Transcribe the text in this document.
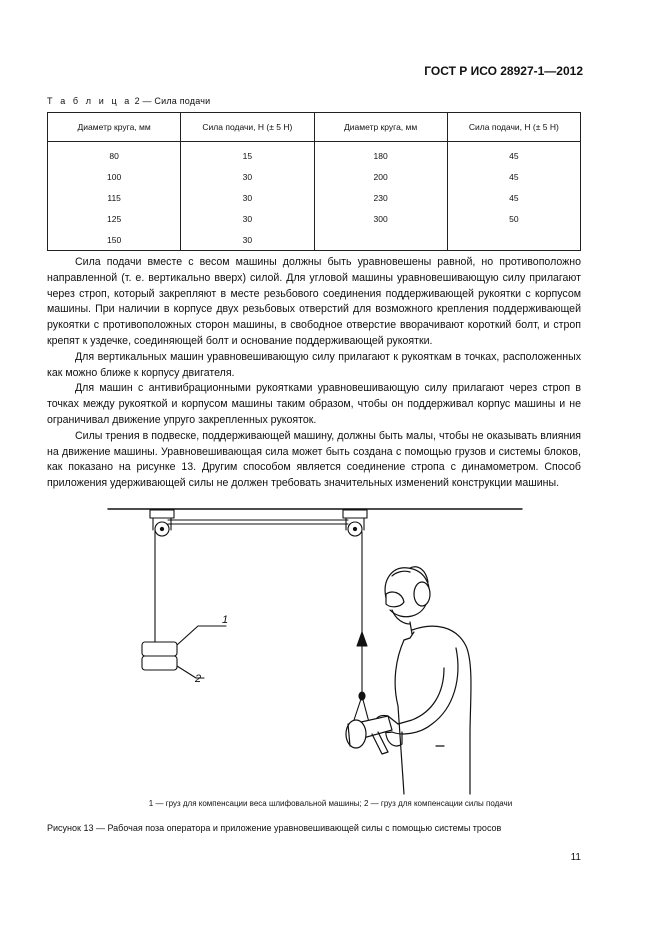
ГОСТ Р ИСО 28927-1—2012
Т а б л и ц а 2 — Сила подачи
Диаметр круга, мм	Сила подачи, Н (± 5 Н)	Диаметр круга, мм	Сила подачи, Н (± 5 Н)
80	15	180	45
100	30	200	45
115	30	230	45
125	30	300	50
150	30		

Сила подачи вместе с весом машины должны быть уравновешены равной, но противоположно направленной (т. е. вертикально вверх) силой. Для угловой машины уравновешивающую силу прилагают через строп, который закрепляют в месте резьбового соединения поддерживающей рукоятки с корпусом машины. При наличии в корпусе двух резьбовых отверстий для возможного крепления поддерживающей рукоятки с противоположных сторон машины, в свободное отверстие вворачивают короткий болт, и строп крепят к уздечке, соединяющей болт и основание поддерживающей рукоятки.

Для вертикальных машин уравновешивающую силу прилагают к рукояткам в точках, расположенных как можно ближе к корпусу двигателя.

Для машин с антивибрационными рукоятками уравновешивающую силу прилагают через строп в точках между рукояткой и корпусом машины таким образом, чтобы он поддерживал корпус машины и не ограничивал движение упруго закрепленных рукояток.

Силы трения в подвеске, поддерживающей машину, должны быть малы, чтобы не оказывать влияния на движение машины. Уравновешивающая сила может быть создана с помощью грузов и системы блоков, как показано на рисунке 13. Другим способом является соединение стропа с динамометром. Способ приложения удерживающей силы не должен требовать значительных изменений конструкции машины.

1
2
1 — груз для компенсации веса шлифовальной машины; 2 — груз для компенсации силы подачи
Рисунок 13 — Рабочая поза оператора и приложение уравновешивающей силы с помощью системы тросов
11
